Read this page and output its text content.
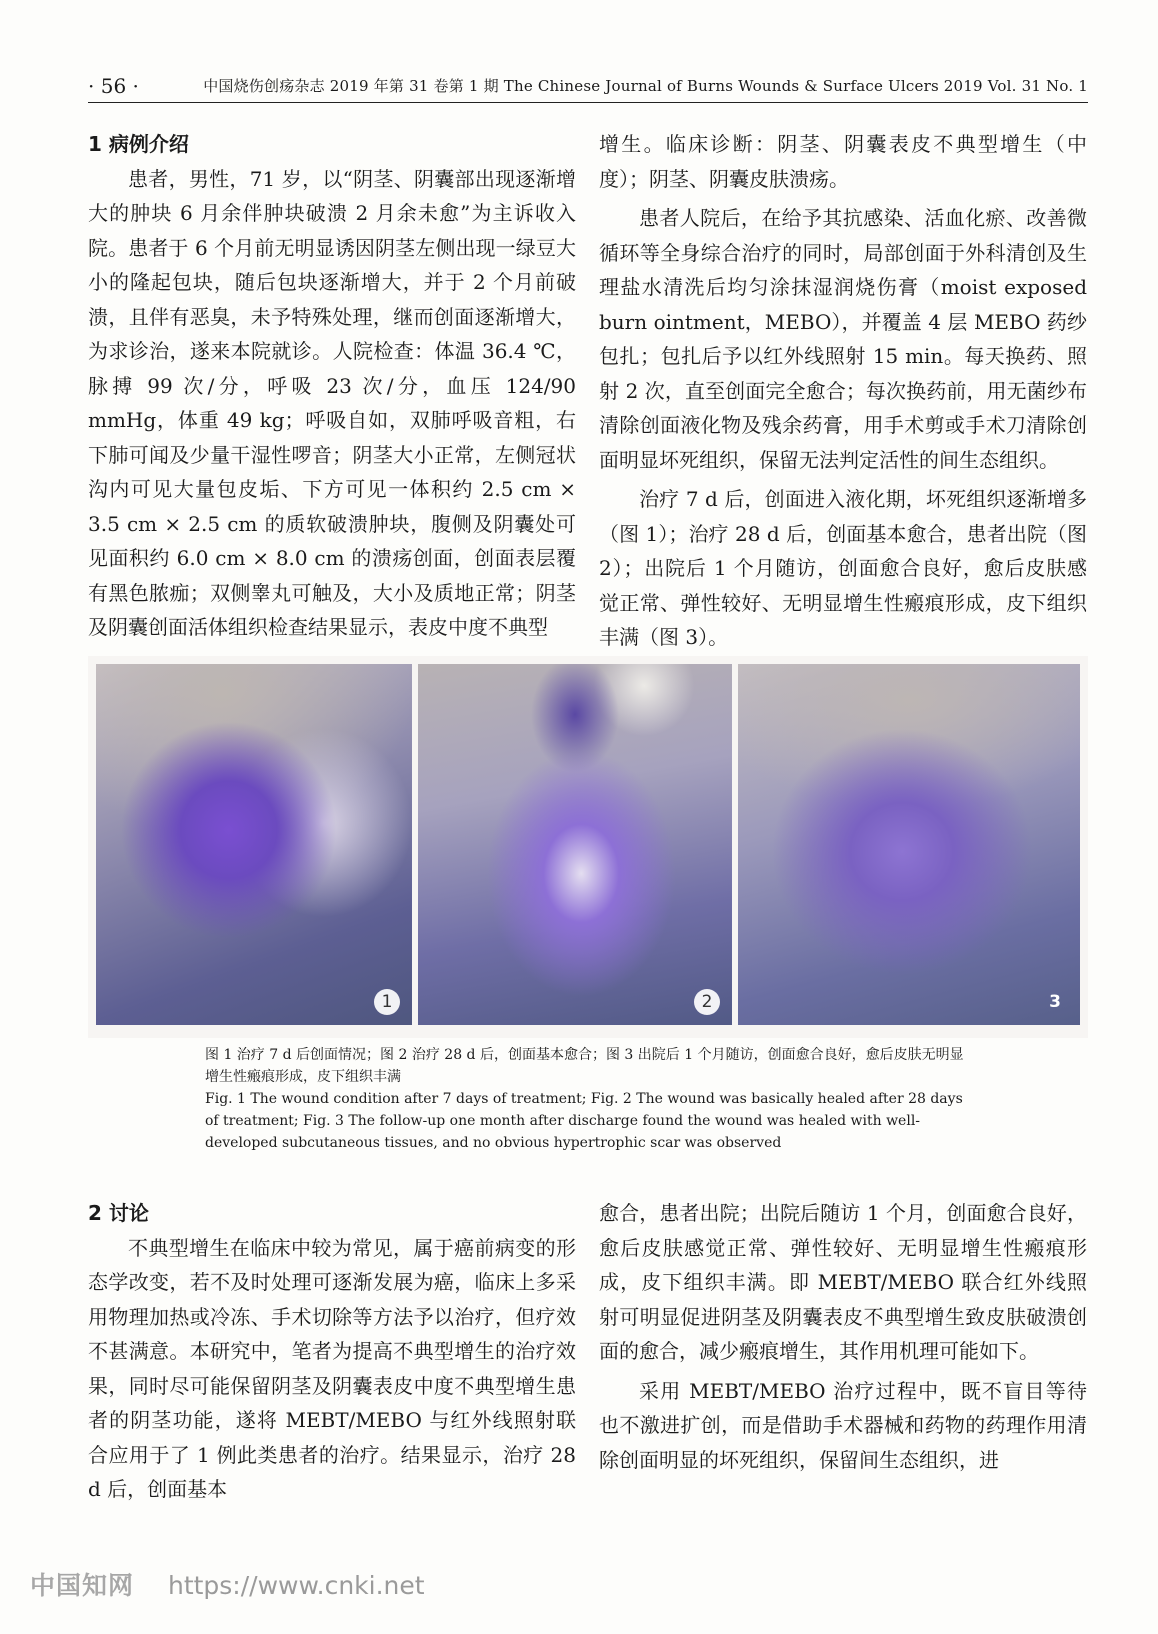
· 56 ·	中国烧伤创疡杂志 2019 年第 31 卷第 1 期 The Chinese Journal of Burns Wounds & Surface Ulcers 2019 Vol. 31 No. 1
1 病例介绍

患者，男性，71 岁，以“阴茎、阴囊部出现逐渐增大的肿块 6 月余伴肿块破溃 2 月余未愈”为主诉收入院。患者于 6 个月前无明显诱因阴茎左侧出现一绿豆大小的隆起包块，随后包块逐渐增大，并于 2 个月前破溃，且伴有恶臭，未予特殊处理，继而创面逐渐增大，为求诊治，遂来本院就诊。人院检查：体温 36.4 ℃，脉搏 99 次/分，呼吸 23 次/分，血压 124/90 mmHg，体重 49 kg；呼吸自如，双肺呼吸音粗，右下肺可闻及少量干湿性啰音；阴茎大小正常，左侧冠状沟内可见大量包皮垢、下方可见一体积约 2.5 cm × 3.5 cm × 2.5 cm 的质软破溃肿块，腹侧及阴囊处可见面积约 6.0 cm × 8.0 cm 的溃疡创面，创面表层覆有黑色脓痂；双侧睾丸可触及，大小及质地正常；阴茎及阴囊创面活体组织检查结果显示，表皮中度不典型

增生。临床诊断：阴茎、阴囊表皮不典型增生（中度）；阴茎、阴囊皮肤溃疡。

患者人院后，在给予其抗感染、活血化瘀、改善微循环等全身综合治疗的同时，局部创面于外科清创及生理盐水清洗后均匀涂抹湿润烧伤膏（moist exposed burn ointment，MEBO），并覆盖 4 层 MEBO 药纱包扎；包扎后予以红外线照射 15 min。每天换药、照射 2 次，直至创面完全愈合；每次换药前，用无菌纱布清除创面液化物及残余药膏，用手术剪或手术刀清除创面明显坏死组织，保留无法判定活性的间生态组织。

治疗 7 d 后，创面进入液化期，坏死组织逐渐增多（图 1）；治疗 28 d 后，创面基本愈合，患者出院（图 2）；出院后 1 个月随访，创面愈合良好，愈后皮肤感觉正常、弹性较好、无明显增生性瘢痕形成，皮下组织丰满（图 3）。

1	2	3

图 1 治疗 7 d 后创面情况；图 2 治疗 28 d 后，创面基本愈合；图 3 出院后 1 个月随访，创面愈合良好，愈后皮肤无明显增生性瘢痕形成，皮下组织丰满

Fig. 1 The wound condition after 7 days of treatment; Fig. 2 The wound was basically healed after 28 days of treatment; Fig. 3 The follow-up one month after discharge found the wound was healed with well-developed subcutaneous tissues, and no obvious hypertrophic scar was observed

2 讨论

不典型增生在临床中较为常见，属于癌前病变的形态学改变，若不及时处理可逐渐发展为癌，临床上多采用物理加热或冷冻、手术切除等方法予以治疗，但疗效不甚满意。本研究中，笔者为提高不典型增生的治疗效果，同时尽可能保留阴茎及阴囊表皮中度不典型增生患者的阴茎功能，遂将 MEBT/MEBO 与红外线照射联合应用于了 1 例此类患者的治疗。结果显示，治疗 28 d 后，创面基本

愈合，患者出院；出院后随访 1 个月，创面愈合良好，愈后皮肤感觉正常、弹性较好、无明显增生性瘢痕形成，皮下组织丰满。即 MEBT/MEBO 联合红外线照射可明显促进阴茎及阴囊表皮不典型增生致皮肤破溃创面的愈合，减少瘢痕增生，其作用机理可能如下。

采用 MEBT/MEBO 治疗过程中，既不盲目等待也不激进扩创，而是借助手术器械和药物的药理作用清除创面明显的坏死组织，保留间生态组织，进

中国知网 https://www.cnki.net
